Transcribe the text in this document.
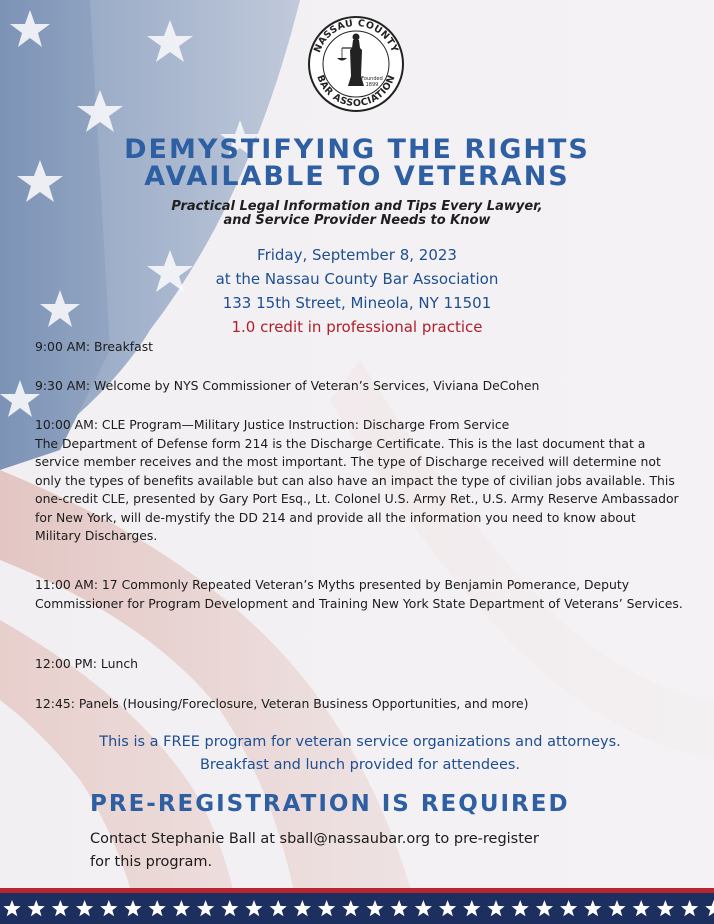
Founded
1899
NASSAU COUNTY
BAR ASSOCIATION
DEMYSTIFYING THE RIGHTS
AVAILABLE TO VETERANS
Practical Legal Information and Tips Every Lawyer,
and Service Provider Needs to Know
Friday, September 8, 2023
at the Nassau County Bar Association
133 15th Street, Mineola, NY 11501
1.0 credit in professional practice
9:00 AM: Breakfast
9:30 AM: Welcome by NYS Commissioner of Veteran’s Services, Viviana DeCohen
10:00 AM: CLE Program—Military Justice Instruction: Discharge From Service
The Department of Defense form 214 is the Discharge Certificate. This is the last document that a service member receives and the most important. The type of Discharge received will determine not only the types of benefits available but can also have an impact the type of civilian jobs available. This one-credit CLE, presented by Gary Port Esq., Lt. Colonel U.S. Army Ret., U.S. Army Reserve Ambassador for New York, will de-mystify the DD 214 and provide all the information you need to know about Military Discharges.
11:00 AM: 17 Commonly Repeated Veteran’s Myths presented by Benjamin Pomerance, Deputy Commissioner for Program Development and Training New York State Department of Veterans’ Services.
12:00 PM: Lunch
12:45: Panels (Housing/Foreclosure, Veteran Business Opportunities, and more)
This is a FREE program for veteran service organizations and attorneys. Breakfast and lunch provided for attendees.
PRE-REGISTRATION IS REQUIRED
Contact Stephanie Ball at sball@nassaubar.org to pre-register for this program.
